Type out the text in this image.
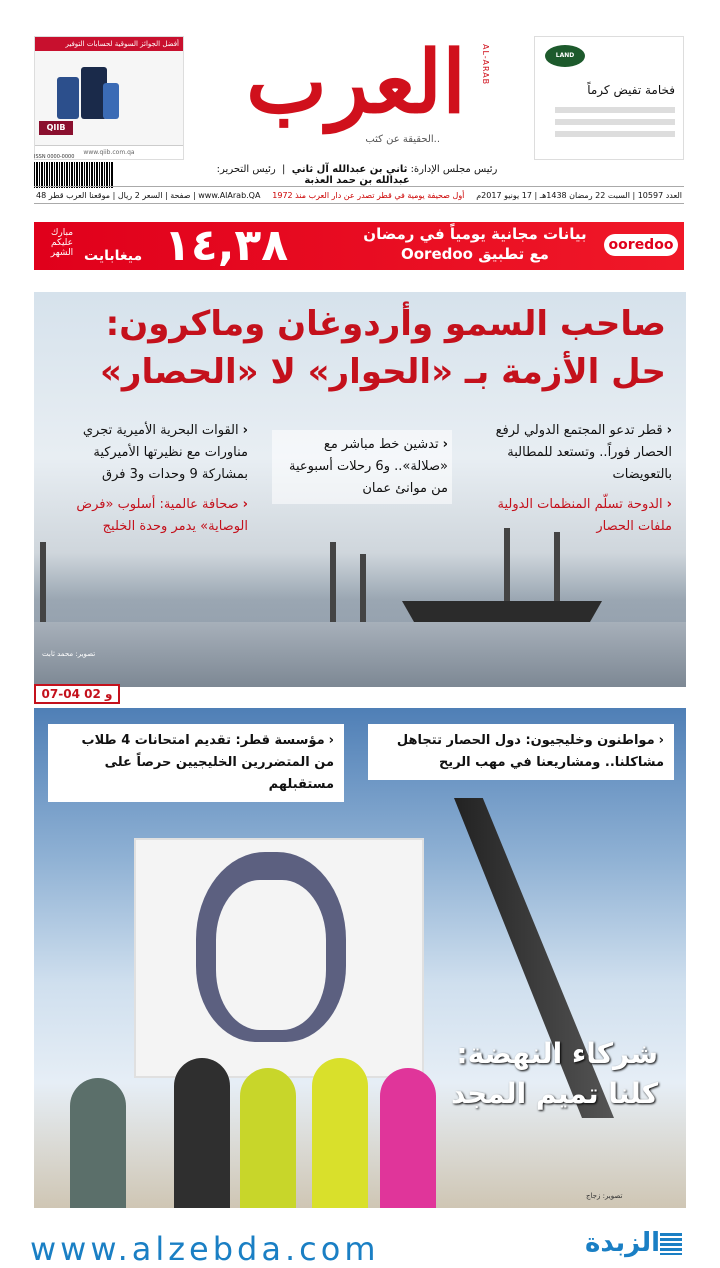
أفضل الجوائز السوقية لحسابات التوفير
QIIB
www.qiib.com.qa
ISSN 0000-0000
العرب	AL-ARAB
..الحقيقة عن كثب
LAND ROVER
فخامة تفيض كرماً
رئيس مجلس الإدارة: ثاني بن عبدالله آل ثاني  |  رئيس التحرير: عبدالله بن حمد العذبة
48 صفحة | السعر 2 ريال | موقعنا العرب قطر | www.AlArab.QA أول صحيفة يومية في قطر تصدر عن دار العرب منذ 1972 العدد 10597 | السبت 22 رمضان 1438هـ | 17 يونيو 2017م
مبارك عليكم الشهر ١٤,٣٨
ميغابايت
بيانات مجانية يومياً في رمضان
مع تطبيق Ooredoo	ooredoo
صاحب السمو وأردوغان وماكرون:
حل الأزمة بـ «الحوار» لا «الحصار»
‹قطر تدعو المجتمع الدولي لرفع الحصار فوراً.. وتستعد للمطالبة بالتعويضات
‹الدوحة تسلّم المنظمات الدولية ملفات الحصار
‹تدشين خط مباشر مع «صلالة».. و6 رحلات أسبوعية من موانئ عمان
‹القوات البحرية الأميرية تجري مناورات مع نظيرتها الأميركية بمشاركة 9 وحدات و3 فرق
‹صحافة عالمية: أسلوب «فرض الوصاية» يدمر وحدة الخليج
تصوير: محمد ثابت
07-04 و 02
‹مواطنون وخليجيون: دول الحصار تتجاهل مشاكلنا.. ومشاريعنا في مهب الريح
‹مؤسسة قطر: تقديم امتحانات 4 طلاب من المتضررين الخليجيين حرصاً على مستقبلهم
شركاء النهضة:
كلنا تميم المجد
تصوير: زجاج
www.alzebda.com	الزبدة
